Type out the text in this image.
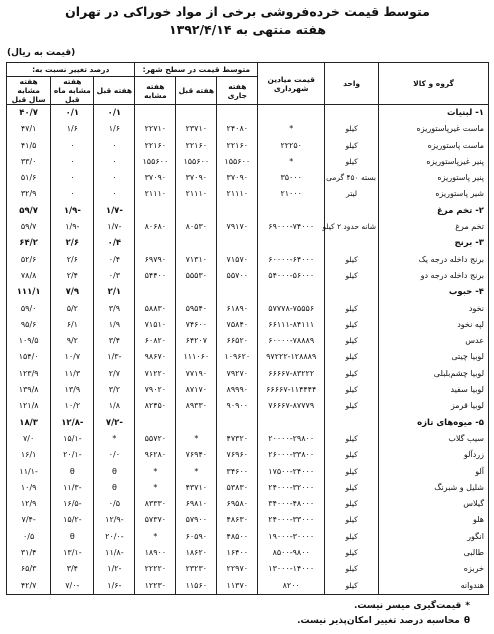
متوسط قیمت خرده‌فروشی برخی از مواد خوراکی در تهران
هفته منتهی به ۱۳۹۲/۴/۱۴
(قیمت به ریال)
گروه و کالا	واحد	قیمت میادین شهرداری	متوسط قیمت در سطح شهر:			درصد تغییر نسبت به:		
			هفته جاری	هفته قبل	هفته مشابه	هفته قبل	هفته مشابه ماه قبل	هفته مشابه سال قبل
۱- لبنیات						۰/۱	۰/۱	۴۰/۷
ماست غیرپاستوریزه	کیلو	*	۲۴۰۸۰	۲۳۷۱۰	۲۲۷۱۰	۱/۶	۱/۶	۴۷/۱
ماست پاستوریزه	کیلو	۲۲۲۵۰	۲۲۱۶۰	۲۲۱۶۰	۲۲۱۶۰	۰	۰	۴۱/۵
پنیر غیرپاستوریزه	کیلو	*	۱۵۵۶۰۰	۱۵۵۶۰۰	۱۵۵۶۰۰	۰	۰	۳۳/۰
پنیر پاستوریزه	بسته ۴۵۰ گرمی	۳۵۰۰۰	۳۷۰۹۰	۳۷۰۹۰	۳۷۰۹۰	۰	۰	۵۱/۶
شیر پاستوریزه	لیتر	۲۱۰۰۰	۲۱۱۱۰	۲۱۱۱۰	۲۱۱۱۰	۰	۰	۳۲/۹
۲- تخم مرغ						-۱/۷	-۱/۹	۵۹/۷
تخم مرغ	شانه حدود ۲ کیلو	۶۹۰۰۰-۷۴۰۰۰	۷۹۱۷۰	۸۰۵۳۰	۸۰۶۸۰	-۱/۷	-۱/۹	۵۹/۷
۳- برنج						۰/۴	۲/۶	۶۴/۲
برنج داخله درجه یک	کیلو	۶۰۰۰۰-۶۴۰۰۰	۷۱۵۷۰	۷۱۳۱۰	۶۹۷۹۰	۰/۴	۲/۶	۵۲/۶
برنج داخله درجه دو	کیلو	۵۴۰۰۰-۵۶۰۰۰	۵۵۷۰۰	۵۵۵۳۰	۵۴۴۰۰	۰/۳	۲/۴	۷۸/۸
۴- حبوب						۲/۱	۷/۹	۱۱۱/۱
نخود	کیلو	۵۷۷۷۸-۷۵۵۵۶	۶۱۸۹۰	۵۹۵۴۰	۵۸۸۳۰	۳/۹	۵/۲	۵۹/۰
لپه نخود	کیلو	۶۶۱۱۱-۸۴۱۱۱	۷۵۸۴۰	۷۴۶۰۰	۷۱۵۱۰	۱/۹	۶/۱	۹۵/۶
عدس	کیلو	۶۰۰۰۰-۷۸۸۸۹	۶۶۵۲۰	۶۴۲۰۷	۶۰۸۲۰	۳/۴	۹/۲	۱۰۹/۵
لوبیا چیتی	کیلو	۹۷۲۲۲-۱۲۸۸۸۹	۱۰۹۶۲۰	۱۱۱۰۶۰	۹۸۶۷۰	-۱/۳	۱۰/۷	۱۵۴/۰
لوبیا چشم‌بلبلی	کیلو	۶۶۶۶۷-۸۳۲۲۲	۷۹۲۷۰	۷۷۱۹۰	۷۱۲۲۰	۲/۷	۱۱/۳	۱۲۳/۹
لوبیا سفید	کیلو	۶۶۶۶۷-۱۱۴۴۴۴	۸۹۹۹۰	۸۷۱۷۰	۷۹۰۲۰	۳/۲	۱۳/۹	۱۳۹/۸
لوبیا قرمز	کیلو	۷۶۶۶۷-۸۷۷۷۹	۹۰۹۰۰	۸۹۳۳۰	۸۲۴۵۰	۱/۸	۱۰/۲	۱۲۱/۸
۵- میوه‌های تازه						-۷/۲	-۱۲/۸	۱۸/۳
سیب گلاب	کیلو	۲۰۰۰۰-۲۹۸۰۰	۴۷۳۲۰	*	۵۵۷۲۰	*	-۱۵/۱	۷/۰
زردآلو	کیلو	۲۶۰۰۰-۳۳۸۰۰	۷۶۹۶۰	۷۶۹۴۰	۹۶۲۸۰	۰/۰	-۲۰/۱	۱۶/۱
آلو	کیلو	۱۷۵۰۰-۲۴۰۰۰	۳۴۶۰۰	*	*	θ	θ	-۱۱/۱
شلیل و شبرنگ	کیلو	۲۴۰۰۰-۳۲۰۰۰	۵۳۸۳۰	۴۳۷۱۰	*	θ	-۱۱/۳	۱۰/۹
گیلاس	کیلو	۳۴۰۰۰-۴۸۰۰۰	۶۹۵۸۰	۶۹۸۱۰	۸۳۳۳۰	۰/۵	-۱۶/۵	۱۲/۹
هلو	کیلو	۲۴۰۰۰-۳۳۰۰۰	۴۸۶۳۰	۵۷۹۰۰	۵۷۳۷۰	-۱۲/۹	-۱۵/۲	-۷/۴
انگور	کیلو	۱۹۰۰۰-۳۰۰۰۰	۴۸۵۰۰	۶۰۵۹۰	*	-۲۰/۰	θ	۰/۵
طالبی	کیلو	۸۵۰۰-۹۸۰۰	۱۶۴۰۰	۱۸۶۲۰	۱۸۹۰۰	-۱۱/۸	-۱۳/۱	۳۱/۴
خربزه	کیلو	۱۳۰۰۰-۱۴۰۰۰	۲۲۹۷۰	۲۳۲۳۰	۲۲۲۲۰	-۱/۲	۳/۴	۶۵/۳
هندوانه	کیلو	۸۲۰۰	۱۱۳۷۰	۱۱۵۶۰	۱۲۲۳۰	-۱/۶	-۷/۰	۴۲/۷
*قیمت‌گیری میسر نیست.
θمحاسبه درصد تغییر امکان‌پذیر نیست.
